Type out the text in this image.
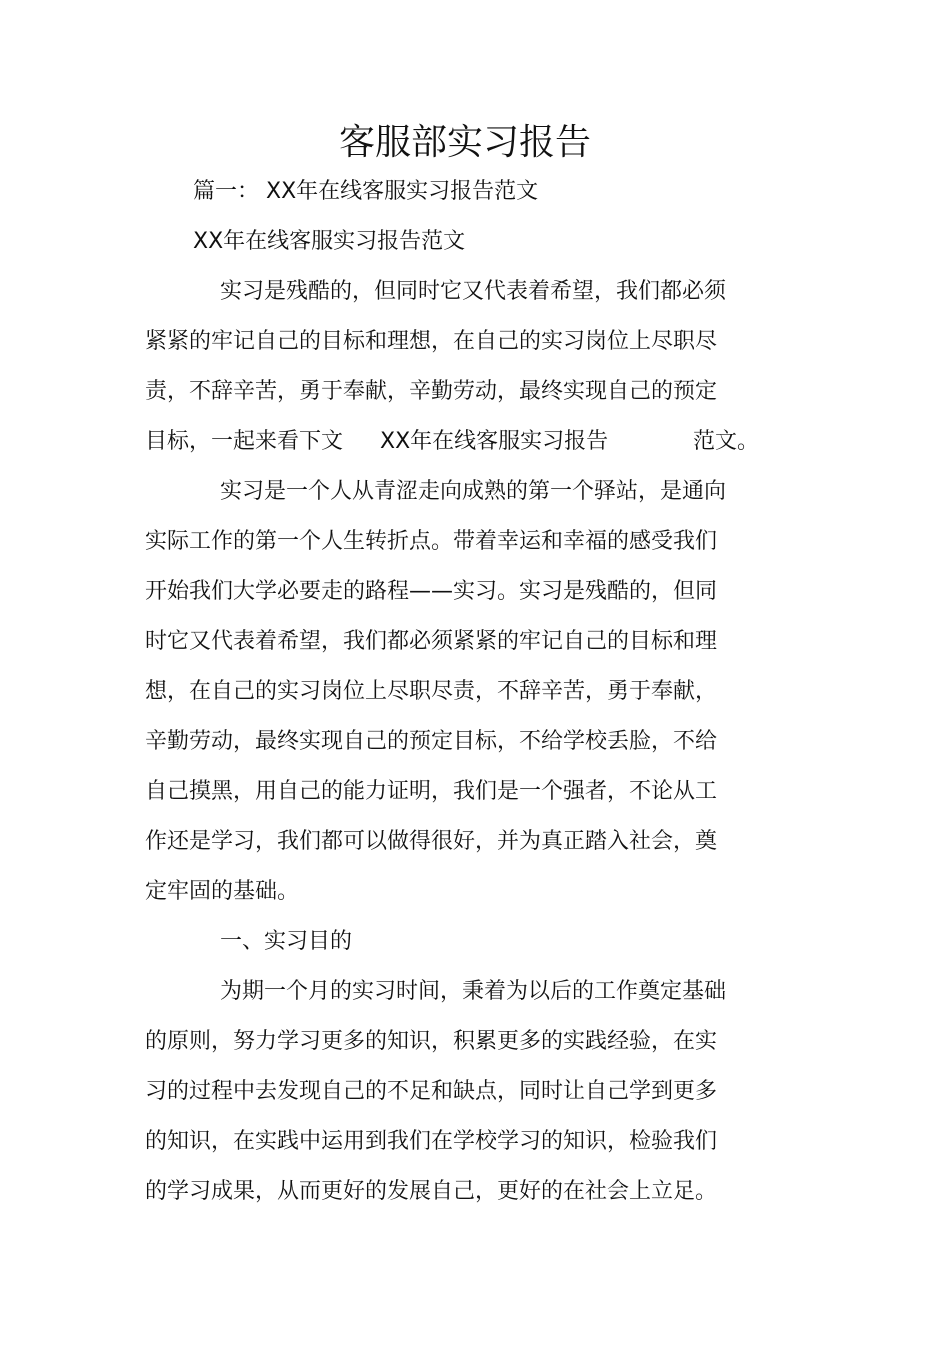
客服部实习报告
篇一： XX年在线客服实习报告范文
XX年在线客服实习报告范文
实习是残酷的，但同时它又代表着希望，我们都必须
紧紧的牢记自己的目标和理想，在自己的实习岗位上尽职尽
责，不辞辛苦，勇于奉献，辛勤劳动，最终实现自己的预定
目标，一起来看下文 XX年在线客服实习报告	范文。
实习是一个人从青涩走向成熟的第一个驿站，是通向
实际工作的第一个人生转折点。带着幸运和幸福的感受我们
开始我们大学必要走的路程——实习。实习是残酷的，但同
时它又代表着希望，我们都必须紧紧的牢记自己的目标和理
想，在自己的实习岗位上尽职尽责，不辞辛苦，勇于奉献，
辛勤劳动，最终实现自己的预定目标，不给学校丢脸，不给
自己摸黑，用自己的能力证明，我们是一个强者，不论从工
作还是学习，我们都可以做得很好，并为真正踏入社会，奠
定牢固的基础。
一、实习目的
为期一个月的实习时间，秉着为以后的工作奠定基础
的原则，努力学习更多的知识，积累更多的实践经验，在实
习的过程中去发现自己的不足和缺点，同时让自己学到更多
的知识，在实践中运用到我们在学校学习的知识，检验我们
的学习成果，从而更好的发展自己，更好的在社会上立足。
